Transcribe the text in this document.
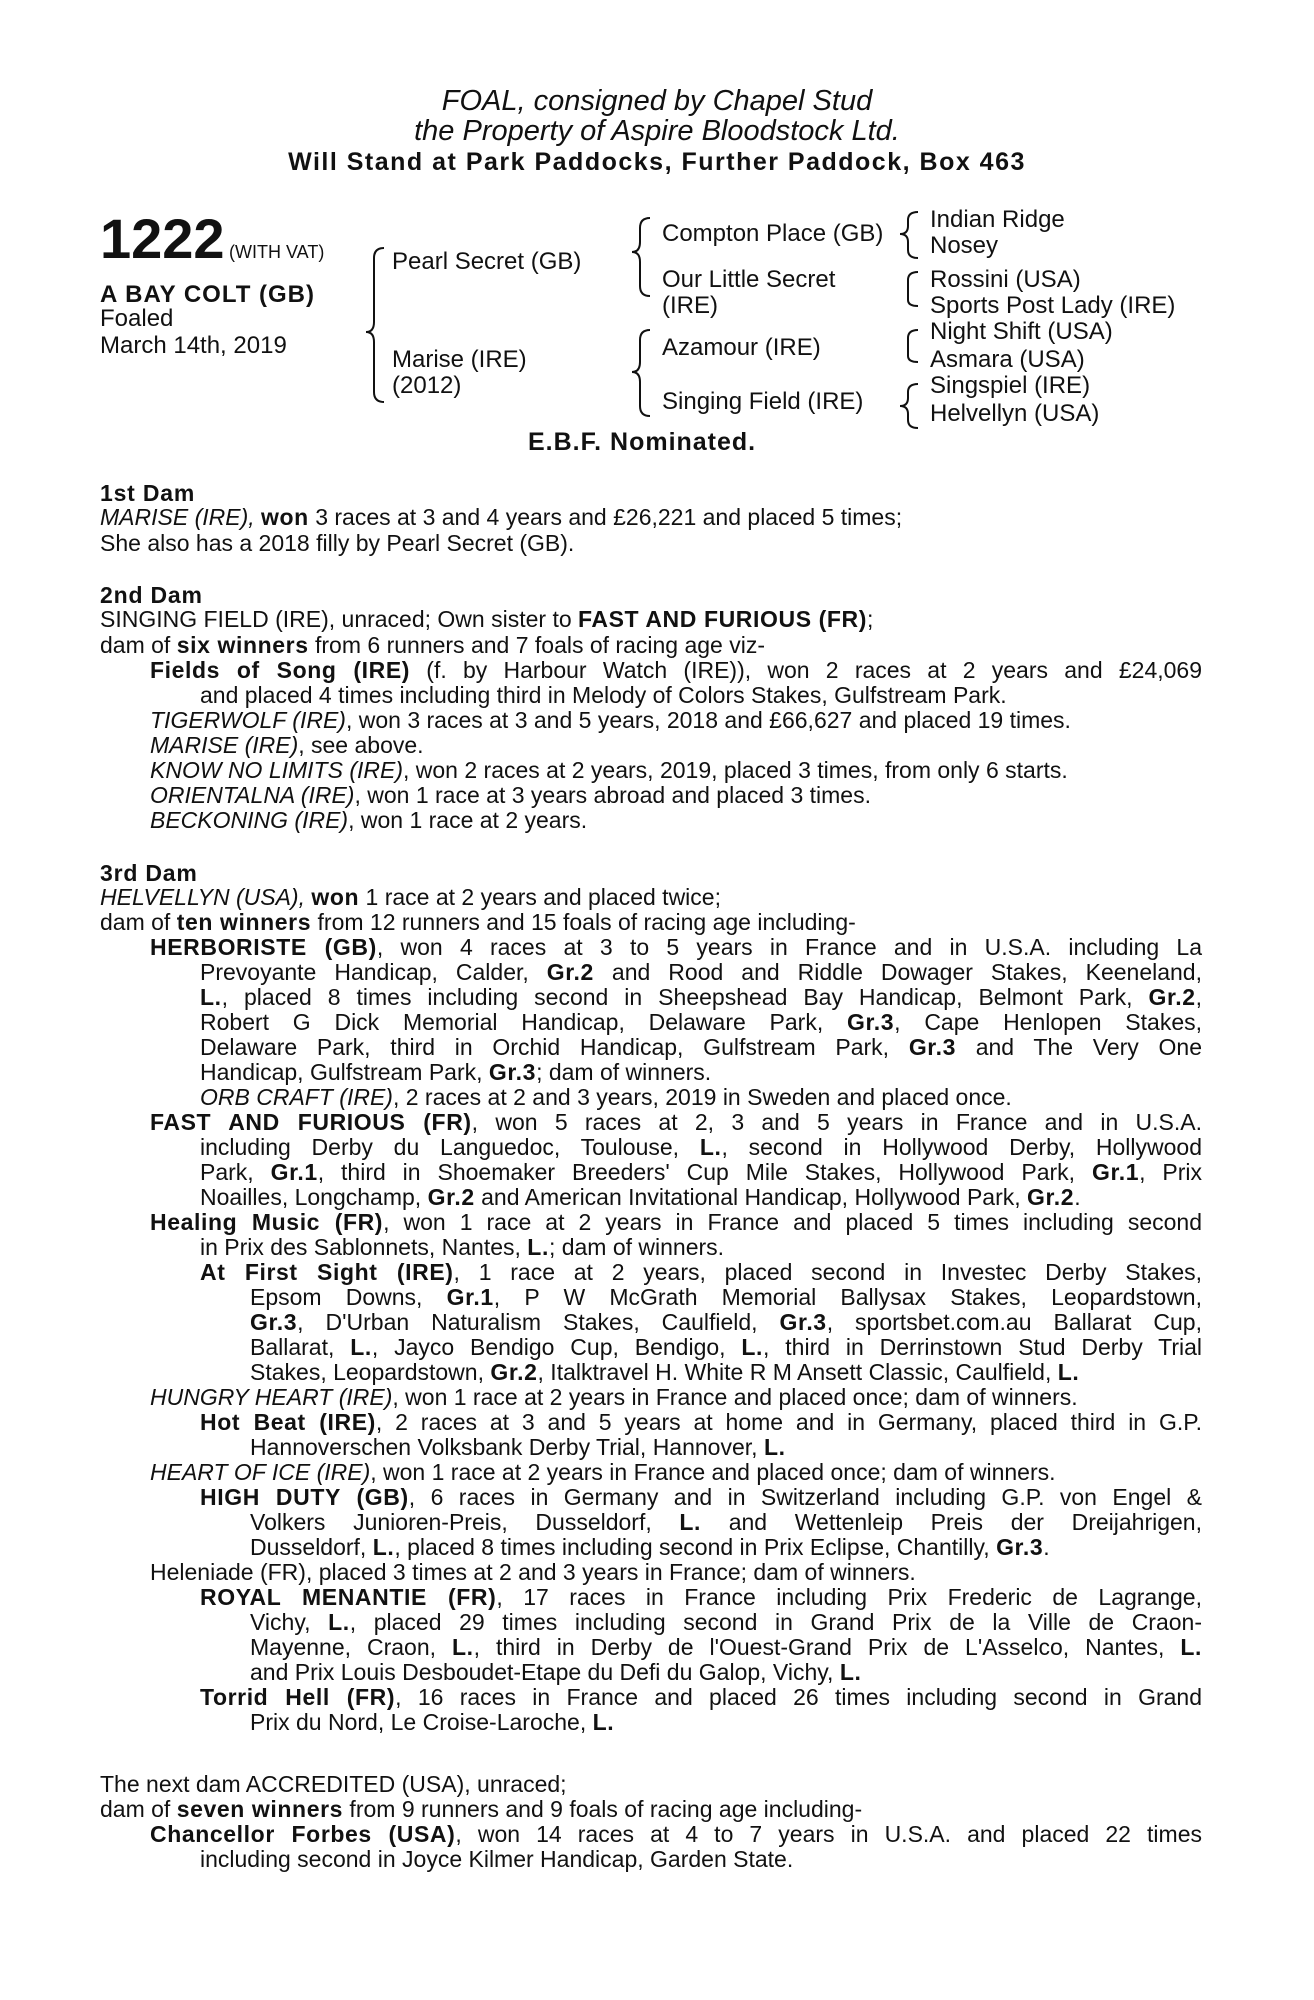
FOAL, consigned by Chapel Stud
the Property of Aspire Bloodstock Ltd.
Will Stand at Park Paddocks, Further Paddock, Box 463
1222 (WITH VAT)
A BAY COLT (GB)
Foaled
March 14th, 2019
Pearl Secret (GB)
Marise (IRE)
(2012)
Compton Place (GB)
Our Little Secret
(IRE)
Azamour (IRE)
Singing Field (IRE)
Indian Ridge
Nosey
Rossini (USA)
Sports Post Lady (IRE)
Night Shift (USA)
Asmara (USA)
Singspiel (IRE)
Helvellyn (USA)
E.B.F. Nominated.
1st Dam
MARISE (IRE), won 3 races at 3 and 4 years and £26,221 and placed 5 times;
She also has a 2018 filly by Pearl Secret (GB).
2nd Dam
SINGING FIELD (IRE), unraced; Own sister to FAST AND FURIOUS (FR);
dam of six winners from 6 runners and 7 foals of racing age viz-
Fields of Song (IRE) (f. by Harbour Watch (IRE)), won 2 races at 2 years and £24,069
and placed 4 times including third in Melody of Colors Stakes, Gulfstream Park.
TIGERWOLF (IRE), won 3 races at 3 and 5 years, 2018 and £66,627 and placed 19 times.
MARISE (IRE), see above.
KNOW NO LIMITS (IRE), won 2 races at 2 years, 2019, placed 3 times, from only 6 starts.
ORIENTALNA (IRE), won 1 race at 3 years abroad and placed 3 times.
BECKONING (IRE), won 1 race at 2 years.
3rd Dam
HELVELLYN (USA), won 1 race at 2 years and placed twice;
dam of ten winners from 12 runners and 15 foals of racing age including-
HERBORISTE (GB), won 4 races at 3 to 5 years in France and in U.S.A. including La
Prevoyante Handicap, Calder, Gr.2 and Rood and Riddle Dowager Stakes, Keeneland,
L., placed 8 times including second in Sheepshead Bay Handicap, Belmont Park, Gr.2,
Robert G Dick Memorial Handicap, Delaware Park, Gr.3, Cape Henlopen Stakes,
Delaware Park, third in Orchid Handicap, Gulfstream Park, Gr.3 and The Very One
Handicap, Gulfstream Park, Gr.3; dam of winners.
ORB CRAFT (IRE), 2 races at 2 and 3 years, 2019 in Sweden and placed once.
FAST AND FURIOUS (FR), won 5 races at 2, 3 and 5 years in France and in U.S.A.
including Derby du Languedoc, Toulouse, L., second in Hollywood Derby, Hollywood
Park, Gr.1, third in Shoemaker Breeders' Cup Mile Stakes, Hollywood Park, Gr.1, Prix
Noailles, Longchamp, Gr.2 and American Invitational Handicap, Hollywood Park, Gr.2.
Healing Music (FR), won 1 race at 2 years in France and placed 5 times including second
in Prix des Sablonnets, Nantes, L.; dam of winners.
At First Sight (IRE), 1 race at 2 years, placed second in Investec Derby Stakes,
Epsom Downs, Gr.1, P W McGrath Memorial Ballysax Stakes, Leopardstown,
Gr.3, D'Urban Naturalism Stakes, Caulfield, Gr.3, sportsbet.com.au Ballarat Cup,
Ballarat, L., Jayco Bendigo Cup, Bendigo, L., third in Derrinstown Stud Derby Trial
Stakes, Leopardstown, Gr.2, Italktravel H. White R M Ansett Classic, Caulfield, L.
HUNGRY HEART (IRE), won 1 race at 2 years in France and placed once; dam of winners.
Hot Beat (IRE), 2 races at 3 and 5 years at home and in Germany, placed third in G.P.
Hannoverschen Volksbank Derby Trial, Hannover, L.
HEART OF ICE (IRE), won 1 race at 2 years in France and placed once; dam of winners.
HIGH DUTY (GB), 6 races in Germany and in Switzerland including G.P. von Engel &
Volkers Junioren-Preis, Dusseldorf, L. and Wettenleip Preis der Dreijahrigen,
Dusseldorf, L., placed 8 times including second in Prix Eclipse, Chantilly, Gr.3.
Heleniade (FR), placed 3 times at 2 and 3 years in France; dam of winners.
ROYAL MENANTIE (FR), 17 races in France including Prix Frederic de Lagrange,
Vichy, L., placed 29 times including second in Grand Prix de la Ville de Craon-
Mayenne, Craon, L., third in Derby de l'Ouest-Grand Prix de L'Asselco, Nantes, L.
and Prix Louis Desboudet-Etape du Defi du Galop, Vichy, L.
Torrid Hell (FR), 16 races in France and placed 26 times including second in Grand
Prix du Nord, Le Croise-Laroche, L.
The next dam ACCREDITED (USA), unraced;
dam of seven winners from 9 runners and 9 foals of racing age including-
Chancellor Forbes (USA), won 14 races at 4 to 7 years in U.S.A. and placed 22 times
including second in Joyce Kilmer Handicap, Garden State.
